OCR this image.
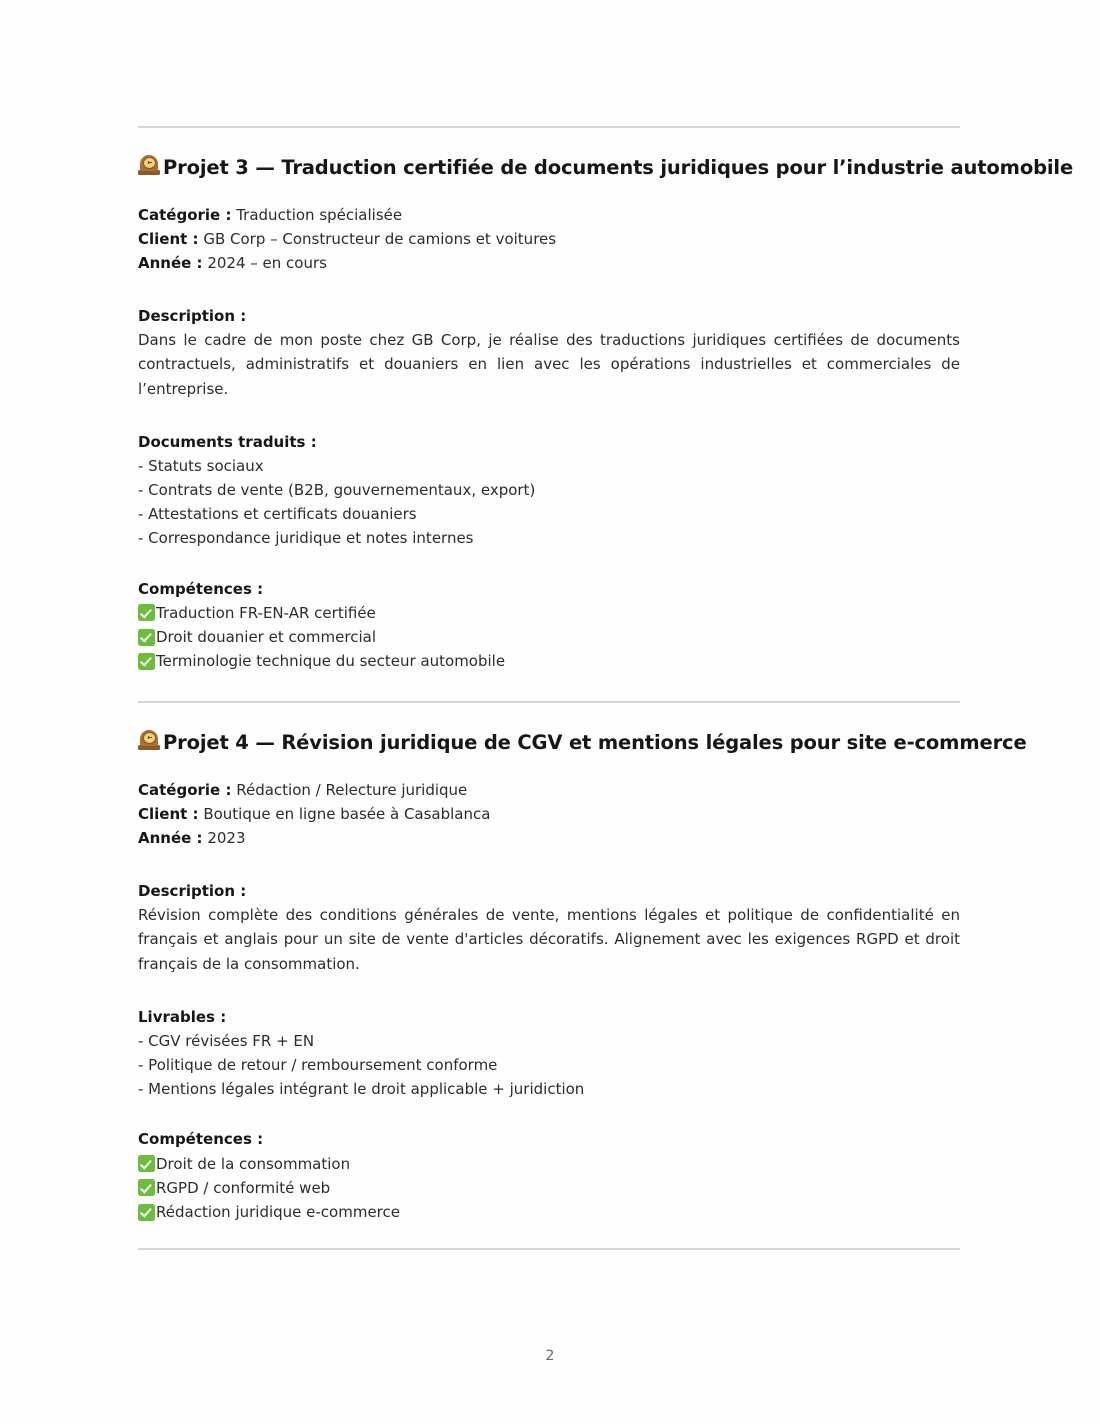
Projet 3 — Traduction certifiée de documents juridiques pour l’industrie automobile
Catégorie : Traduction spécialisée
Client : GB Corp – Constructeur de camions et voitures
Année : 2024 – en cours

Description :

Dans le cadre de mon poste chez GB Corp, je réalise des traductions juridiques certifiées de documents contractuels, administratifs et douaniers en lien avec les opérations industrielles et commerciales de l’entreprise.

Documents traduits :

- Statuts sociaux
- Contrats de vente (B2B, gouvernementaux, export)
- Attestations et certificats douaniers
- Correspondance juridique et notes internes

Compétences :

Traduction FR-EN-AR certifiée
Droit douanier et commercial
Terminologie technique du secteur automobile
Projet 4 — Révision juridique de CGV et mentions légales pour site e-commerce
Catégorie : Rédaction / Relecture juridique
Client : Boutique en ligne basée à Casablanca
Année : 2023

Description :

Révision complète des conditions générales de vente, mentions légales et politique de confidentialité en français et anglais pour un site de vente d'articles décoratifs. Alignement avec les exigences RGPD et droit français de la consommation.

Livrables :

- CGV révisées FR + EN
- Politique de retour / remboursement conforme
- Mentions légales intégrant le droit applicable + juridiction

Compétences :

Droit de la consommation
RGPD / conformité web
Rédaction juridique e-commerce
2
